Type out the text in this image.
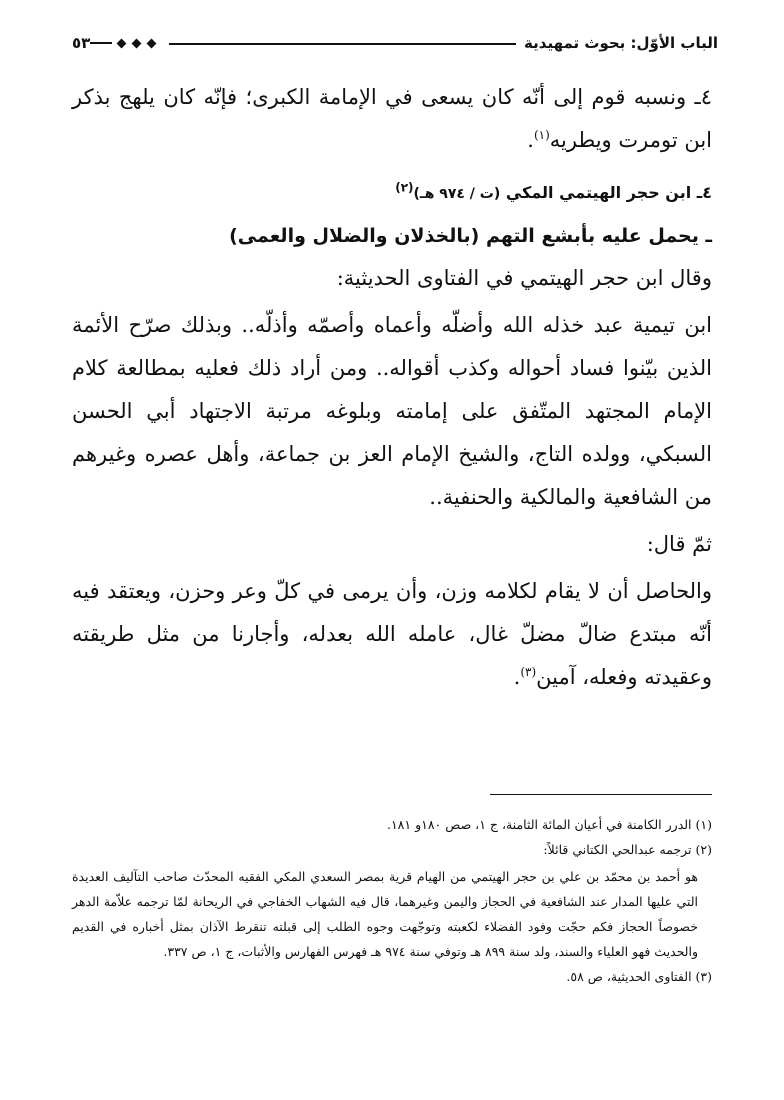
الباب الأوّل: بحوث تمهيدية
٥٣

٤ـ ونسبه قوم إلى أنّه كان يسعى في الإمامة الكبرى؛ فإنّه كان يلهج بذكر ابن تومرت ويطريه$^{(١)}$.

٤ـ ابن حجر الهيتمي المكي (ت / ٩٧٤ هـ)$^{(٢)}$

ـ يحمل عليه بأبشع التهم (بالخذلان والضلال والعمى)

وقال ابن حجر الهيتمي في الفتاوى الحديثية:

ابن تيمية عبد خذله الله وأضلّه وأعماه وأصمّه وأذلّه.. وبذلك صرّح الأئمة الذين بيّنوا فساد أحواله وكذب أقواله.. ومن أراد ذلك فعليه بمطالعة كلام الإمام المجتهد المتّفق على إمامته وبلوغه مرتبة الاجتهاد أبي الحسن السبكي، وولده التاج، والشيخ الإمام العز بن جماعة، وأهل عصره وغيرهم من الشافعية والمالكية والحنفية..

ثمّ قال:

والحاصل أن لا يقام لكلامه وزن، وأن يرمى في كلّ وعر وحزن، ويعتقد فيه أنّه مبتدع ضالّ مضلّ غال، عامله الله بعدله، وأجارنا من مثل طريقته وعقيدته وفعله، آمين$^{(٣)}$.

(١) الدرر الكامنة في أعيان المائة الثامنة، ج ١، صص ١٨٠و ١٨١.

(٢) ترجمه عبدالحي الكتاني قائلاً:

هو أحمد بن محمّد بن علي بن حجر الهيتمي من الهيام قرية بمصر السعدي المكي الفقيه المحدّث صاحب التآليف العديدة التي عليها المدار عند الشافعية في الحجاز واليمن وغيرهما، قال فيه الشهاب الخفاجي في الريحانة لمّا ترجمه علاّمة الدهر خصوصاً الحجاز فكم حجّت وفود الفضلاء لكعبته وتوجّهت وجوه الطلب إلى قبلته تنقرط الآذان بمثل أخباره في القديم والحديث فهو العلياء والسند، ولد سنة ٨٩٩ هـ وتوفي سنة ٩٧٤ هـ فهرس الفهارس والأثبات، ج ١، ص ٣٣٧.

(٣) الفتاوى الحديثية، ص ٥٨.
